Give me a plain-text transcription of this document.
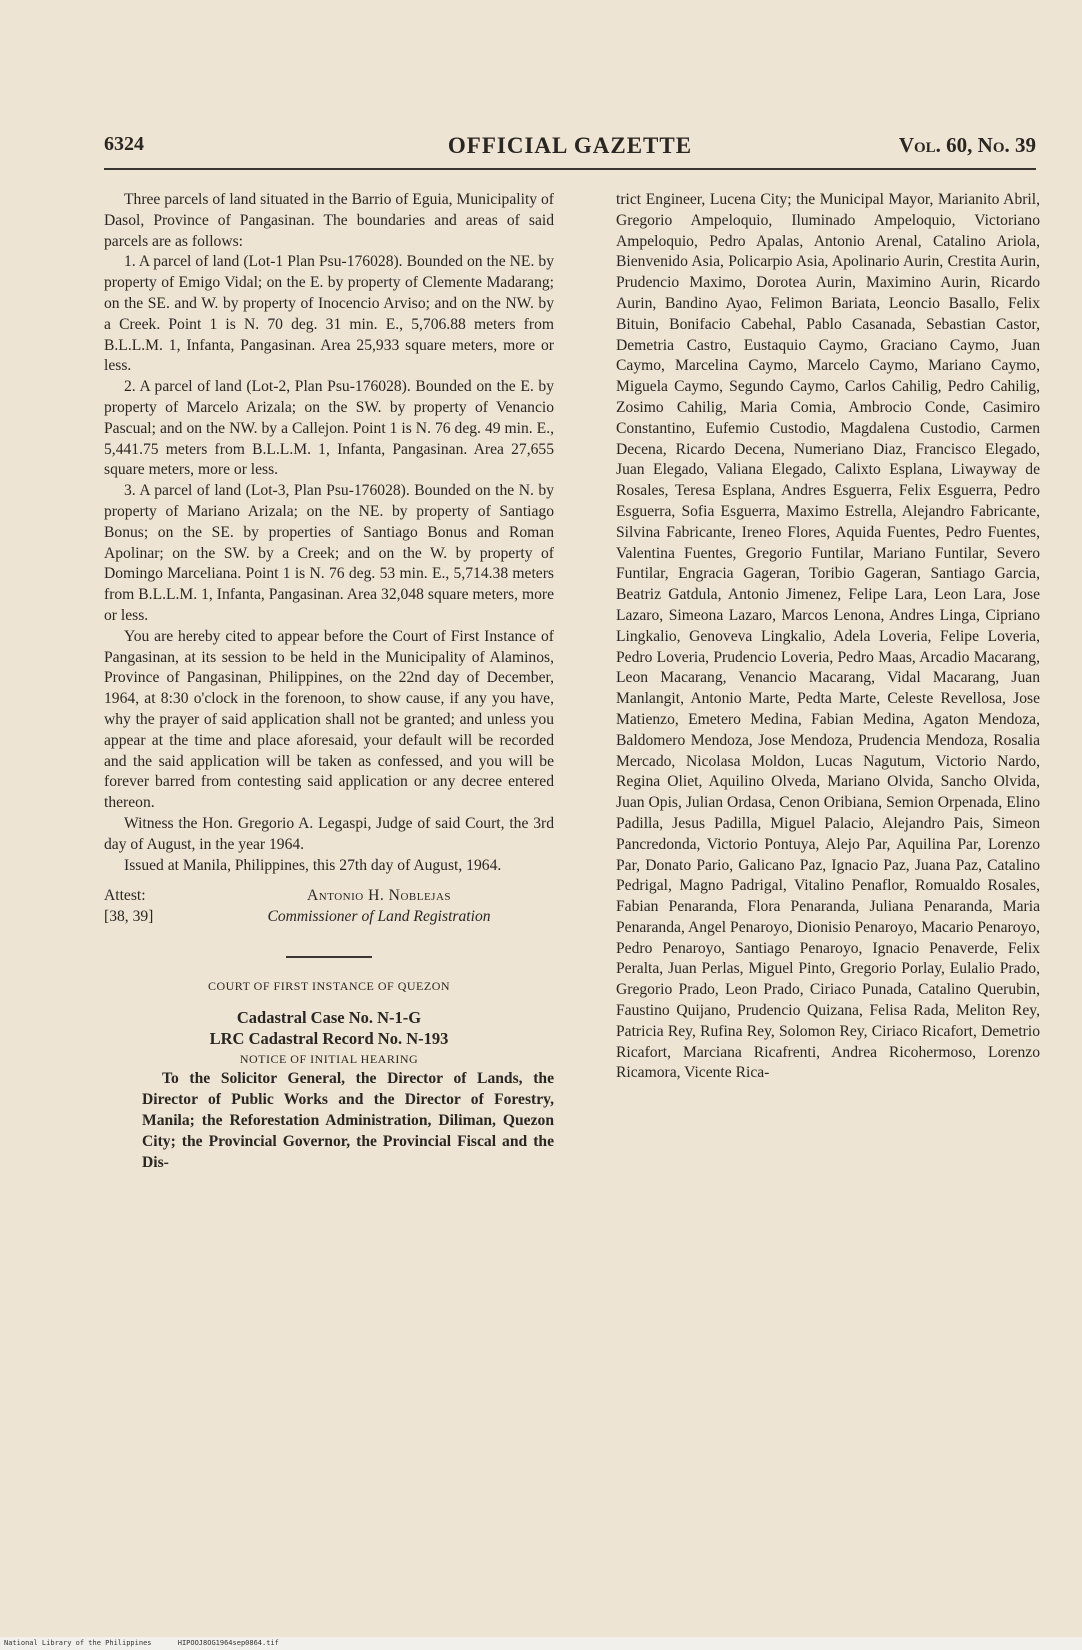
6324	OFFICIAL GAZETTE	Vol. 60, No. 39

Three parcels of land situated in the Barrio of Eguia, Municipality of Dasol, Province of Pangasinan. The boundaries and areas of said parcels are as follows:

1. A parcel of land (Lot-1 Plan Psu-176028). Bounded on the NE. by property of Emigo Vidal; on the E. by property of Clemente Madarang; on the SE. and W. by property of Inocencio Arviso; and on the NW. by a Creek. Point 1 is N. 70 deg. 31 min. E., 5,706.88 meters from B.L.L.M. 1, Infanta, Pangasinan. Area 25,933 square meters, more or less.

2. A parcel of land (Lot-2, Plan Psu-176028). Bounded on the E. by property of Marcelo Arizala; on the SW. by property of Venancio Pascual; and on the NW. by a Callejon. Point 1 is N. 76 deg. 49 min. E., 5,441.75 meters from B.L.L.M. 1, Infanta, Pangasinan. Area 27,655 square meters, more or less.

3. A parcel of land (Lot-3, Plan Psu-176028). Bounded on the N. by property of Mariano Arizala; on the NE. by property of Santiago Bonus; on the SE. by properties of Santiago Bonus and Roman Apolinar; on the SW. by a Creek; and on the W. by property of Domingo Marceliana. Point 1 is N. 76 deg. 53 min. E., 5,714.38 meters from B.L.L.M. 1, Infanta, Pangasinan. Area 32,048 square meters, more or less.

You are hereby cited to appear before the Court of First Instance of Pangasinan, at its session to be held in the Municipality of Alaminos, Province of Pangasinan, Philippines, on the 22nd day of December, 1964, at 8:30 o'clock in the forenoon, to show cause, if any you have, why the prayer of said application shall not be granted; and unless you appear at the time and place aforesaid, your default will be recorded and the said application will be taken as confessed, and you will be forever barred from contesting said application or any decree entered thereon.

Witness the Hon. Gregorio A. Legaspi, Judge of said Court, the 3rd day of August, in the year 1964.

Issued at Manila, Philippines, this 27th day of August, 1964.

Attest:	Antonio H. Noblejas
[38, 39]	Commissioner of Land Registration

COURT OF FIRST INSTANCE OF QUEZON

Cadastral Case No. N-1-G

LRC Cadastral Record No. N-193

NOTICE OF INITIAL HEARING

To the Solicitor General, the Director of Lands, the Director of Public Works and the Director of Forestry, Manila; the Reforestation Administration, Diliman, Quezon City; the Provincial Governor, the Provincial Fiscal and the Dis-

trict Engineer, Lucena City; the Municipal Mayor, Marianito Abril, Gregorio Ampeloquio, Iluminado Ampeloquio, Victoriano Ampeloquio, Pedro Apalas, Antonio Arenal, Catalino Ariola, Bienvenido Asia, Policarpio Asia, Apolinario Aurin, Crestita Aurin, Prudencio Maximo, Dorotea Aurin, Maximino Aurin, Ricardo Aurin, Bandino Ayao, Felimon Bariata, Leoncio Basallo, Felix Bituin, Bonifacio Cabehal, Pablo Casanada, Sebastian Castor, Demetria Castro, Eustaquio Caymo, Graciano Caymo, Juan Caymo, Marcelina Caymo, Marcelo Caymo, Mariano Caymo, Miguela Caymo, Segundo Caymo, Carlos Cahilig, Pedro Cahilig, Zosimo Cahilig, Maria Comia, Ambrocio Conde, Casimiro Constantino, Eufemio Custodio, Magdalena Custodio, Carmen Decena, Ricardo Decena, Numeriano Diaz, Francisco Elegado, Juan Elegado, Valiana Elegado, Calixto Esplana, Liwayway de Rosales, Teresa Esplana, Andres Esguerra, Felix Esguerra, Pedro Esguerra, Sofia Esguerra, Maximo Estrella, Alejandro Fabricante, Silvina Fabricante, Ireneo Flores, Aquida Fuentes, Pedro Fuentes, Valentina Fuentes, Gregorio Funtilar, Mariano Funtilar, Severo Funtilar, Engracia Gageran, Toribio Gageran, Santiago Garcia, Beatriz Gatdula, Antonio Jimenez, Felipe Lara, Leon Lara, Jose Lazaro, Simeona Lazaro, Marcos Lenona, Andres Linga, Cipriano Lingkalio, Genoveva Lingkalio, Adela Loveria, Felipe Loveria, Pedro Loveria, Prudencio Loveria, Pedro Maas, Arcadio Macarang, Leon Macarang, Venancio Macarang, Vidal Macarang, Juan Manlangit, Antonio Marte, Pedta Marte, Celeste Revellosa, Jose Matienzo, Emetero Medina, Fabian Medina, Agaton Mendoza, Baldomero Mendoza, Jose Mendoza, Prudencia Mendoza, Rosalia Mercado, Nicolasa Moldon, Lucas Nagutum, Victorio Nardo, Regina Oliet, Aquilino Olveda, Mariano Olvida, Sancho Olvida, Juan Opis, Julian Ordasa, Cenon Oribiana, Semion Orpenada, Elino Padilla, Jesus Padilla, Miguel Palacio, Alejandro Pais, Simeon Pancredonda, Victorio Pontuya, Alejo Par, Aquilina Par, Lorenzo Par, Donato Pario, Galicano Paz, Ignacio Paz, Juana Paz, Catalino Pedrigal, Magno Padrigal, Vitalino Penaflor, Romualdo Rosales, Fabian Penaranda, Flora Penaranda, Juliana Penaranda, Maria Penaranda, Angel Penaroyo, Dionisio Penaroyo, Macario Penaroyo, Pedro Penaroyo, Santiago Penaroyo, Ignacio Penaverde, Felix Peralta, Juan Perlas, Miguel Pinto, Gregorio Porlay, Eulalio Prado, Gregorio Prado, Leon Prado, Ciriaco Punada, Catalino Querubin, Faustino Quijano, Prudencio Quizana, Felisa Rada, Meliton Rey, Patricia Rey, Rufina Rey, Solomon Rey, Ciriaco Ricafort, Demetrio Ricafort, Marciana Ricafrenti, Andrea Ricohermoso, Lorenzo Ricamora, Vicente Rica-

National Library of the Philippines	HIPOOJ8OG1964sep0864.tif
